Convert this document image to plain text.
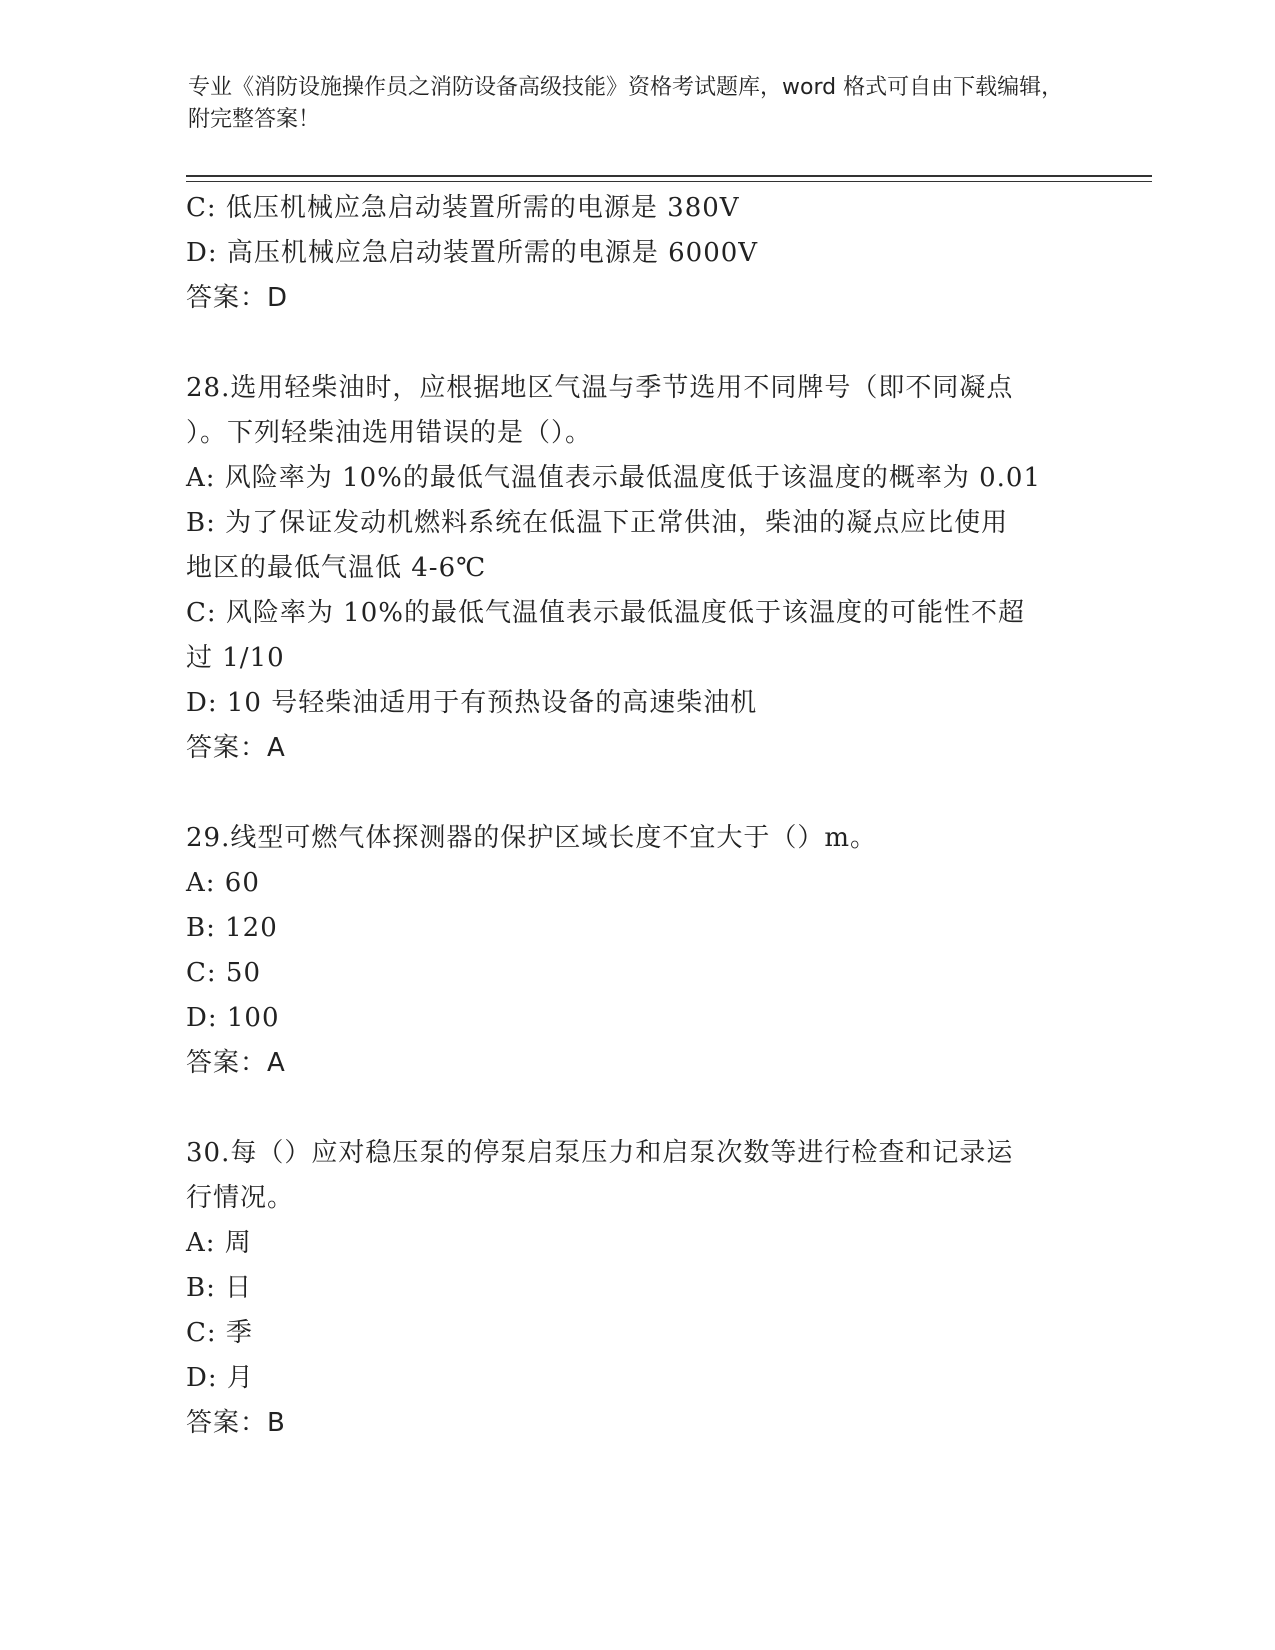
专业《消防设施操作员之消防设备高级技能》资格考试题库，word 格式可自由下载编辑，附完整答案！
C: 低压机械应急启动装置所需的电源是 380V
D: 高压机械应急启动装置所需的电源是 6000V
答案：D
28.选用轻柴油时，应根据地区气温与季节选用不同牌号（即不同凝点
）。下列轻柴油选用错误的是（）。
A: 风险率为 10%的最低气温值表示最低温度低于该温度的概率为 0.01
B: 为了保证发动机燃料系统在低温下正常供油，柴油的凝点应比使用
地区的最低气温低 4-6℃
C: 风险率为 10%的最低气温值表示最低温度低于该温度的可能性不超
过 1/10
D: 10 号轻柴油适用于有预热设备的高速柴油机
答案：A
29.线型可燃气体探测器的保护区域长度不宜大于（）m。
A: 60
B: 120
C: 50
D: 100
答案：A
30.每（）应对稳压泵的停泵启泵压力和启泵次数等进行检查和记录运
行情况。
A: 周
B: 日
C: 季
D: 月
答案：B
